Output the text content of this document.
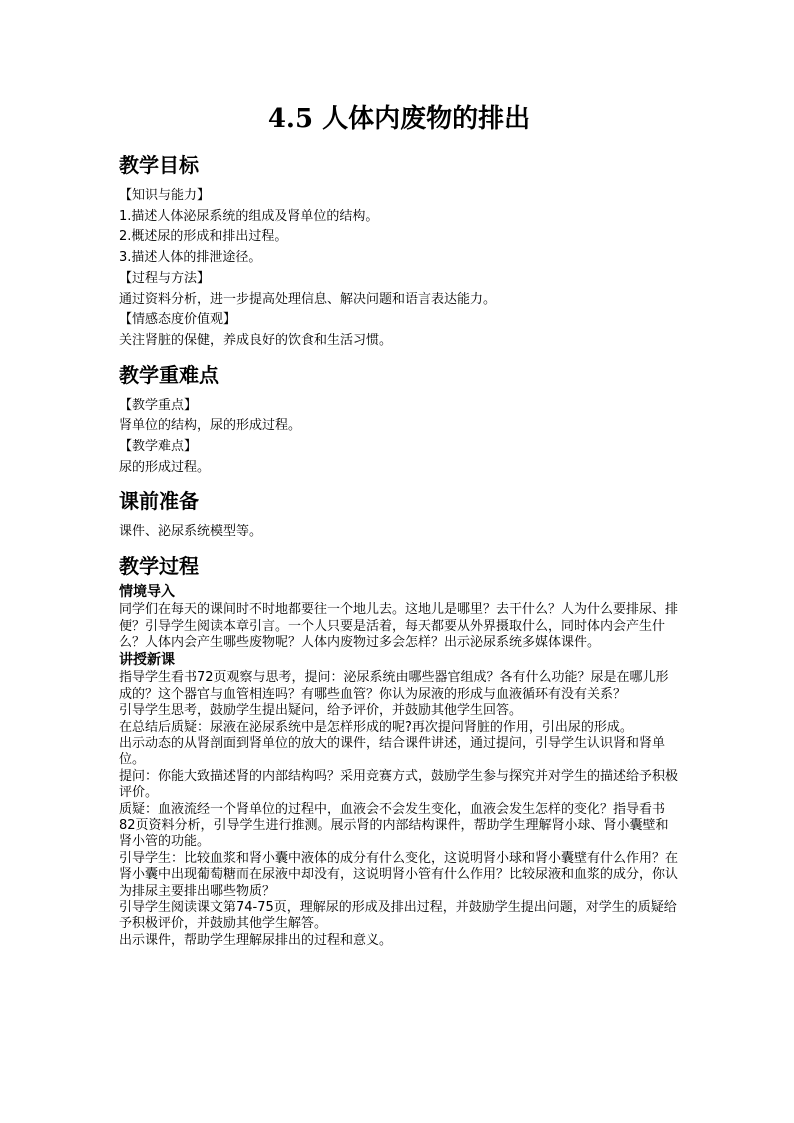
4.5 人体内废物的排出
教学目标
【知识与能力】
1.描述人体泌尿系统的组成及肾单位的结构。
2.概述尿的形成和排出过程。
3.描述人体的排泄途径。
【过程与方法】
通过资料分析，进一步提高处理信息、解决问题和语言表达能力。
【情感态度价值观】
关注肾脏的保健，养成良好的饮食和生活习惯。
教学重难点
【教学重点】
肾单位的结构，尿的形成过程。
【教学难点】
尿的形成过程。
课前准备
课件、泌尿系统模型等。
教学过程
情境导入
同学们在每天的课间时不时地都要往一个地儿去。这地儿是哪里？去干什么？人为什么要排尿、排便？引导学生阅读本章引言。一个人只要是活着，每天都要从外界摄取什么，同时体内会产生什么？人体内会产生哪些废物呢？人体内废物过多会怎样？出示泌尿系统多媒体课件。
讲授新课
指导学生看书72页观察与思考，提问：泌尿系统由哪些器官组成？各有什么功能？尿是在哪儿形成的？这个器官与血管相连吗？有哪些血管？你认为尿液的形成与血液循环有没有关系？
引导学生思考，鼓励学生提出疑问，给予评价，并鼓励其他学生回答。
在总结后质疑：尿液在泌尿系统中是怎样形成的呢?再次提问肾脏的作用，引出尿的形成。
出示动态的从肾剖面到肾单位的放大的课件，结合课件讲述，通过提问，引导学生认识肾和肾单位。
提问：你能大致描述肾的内部结构吗？采用竞赛方式，鼓励学生参与探究并对学生的描述给予积极评价。
质疑：血液流经一个肾单位的过程中，血液会不会发生变化，血液会发生怎样的变化？指导看书82页资料分析，引导学生进行推测。展示肾的内部结构课件，帮助学生理解肾小球、肾小囊壁和肾小管的功能。
引导学生：比较血浆和肾小囊中液体的成分有什么变化，这说明肾小球和肾小囊壁有什么作用？在肾小囊中出现葡萄糖而在尿液中却没有，这说明肾小管有什么作用？比较尿液和血浆的成分，你认为排尿主要排出哪些物质？
引导学生阅读课文第74-75页，理解尿的形成及排出过程，并鼓励学生提出问题，对学生的质疑给予积极评价，并鼓励其他学生解答。
出示课件，帮助学生理解尿排出的过程和意义。
